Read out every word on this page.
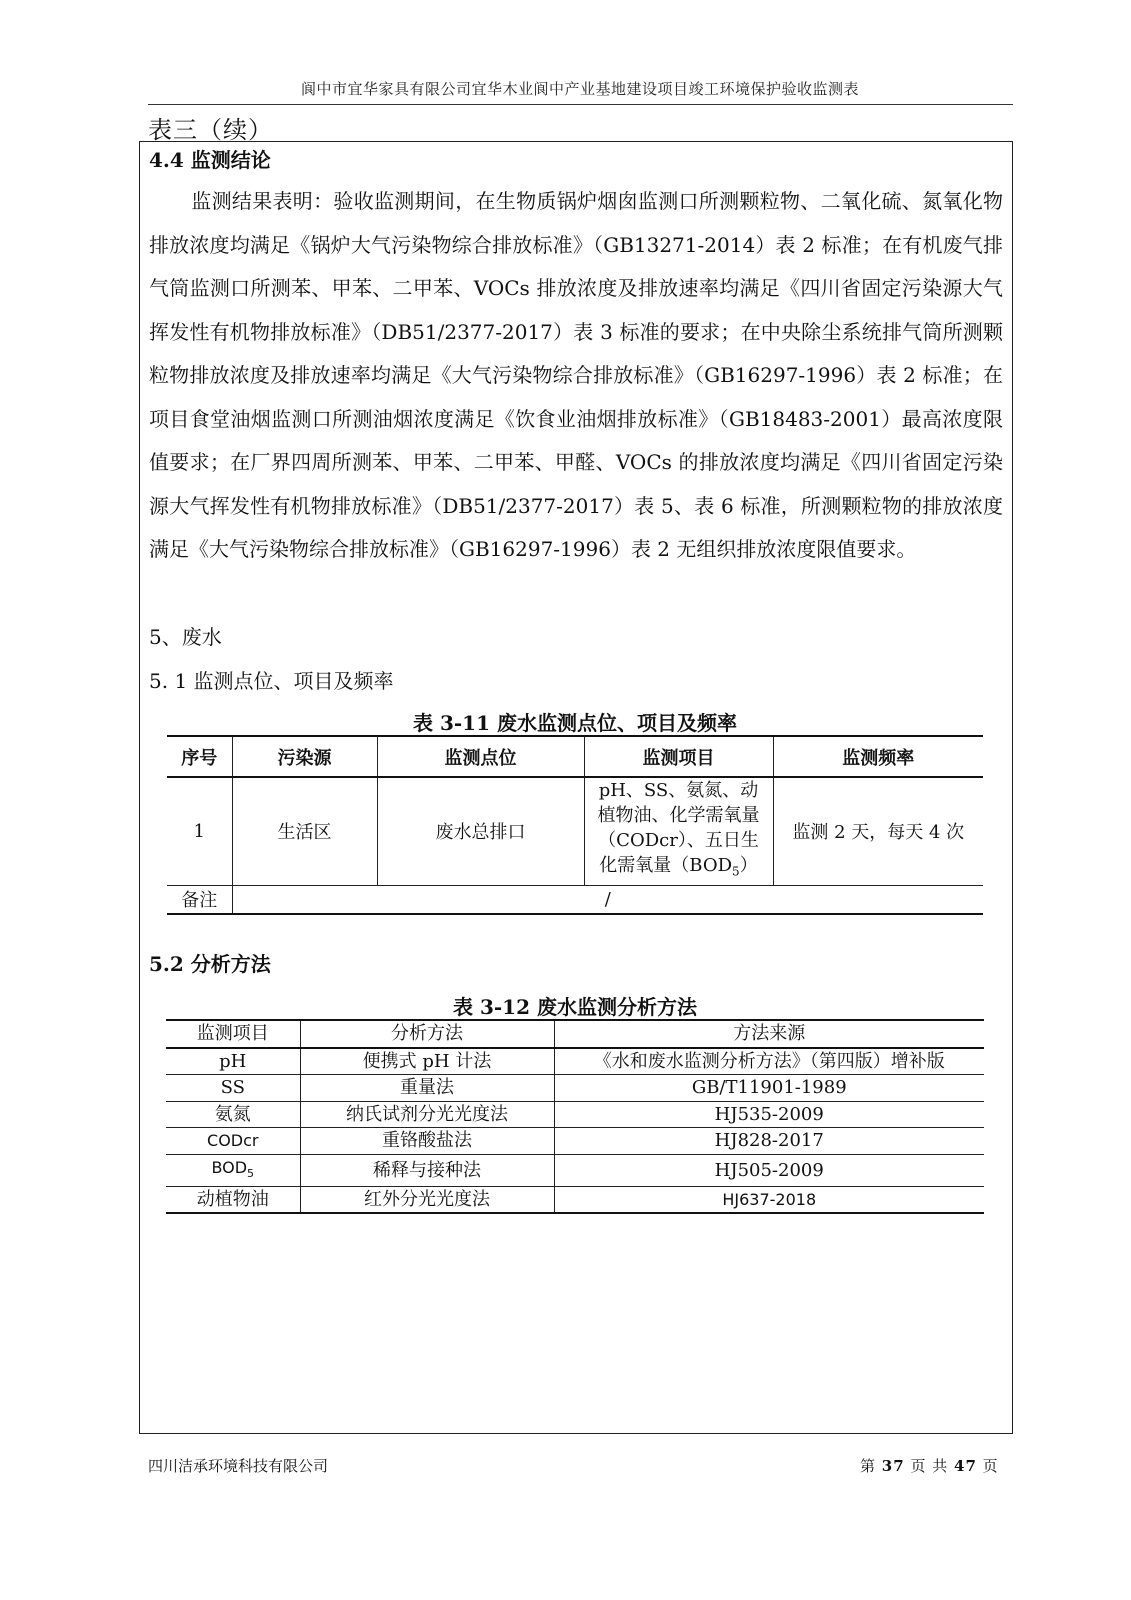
阆中市宜华家具有限公司宜华木业阆中产业基地建设项目竣工环境保护验收监测表
表三（续）
4.4 监测结论
监测结果表明：验收监测期间，在生物质锅炉烟囱监测口所测颗粒物、二氧化硫、氮氧化物排放浓度均满足《锅炉大气污染物综合排放标准》（GB13271-2014）表 2 标准；在有机废气排气筒监测口所测苯、甲苯、二甲苯、VOCs 排放浓度及排放速率均满足《四川省固定污染源大气挥发性有机物排放标准》（DB51/2377-2017）表 3 标准的要求；在中央除尘系统排气筒所测颗粒物排放浓度及排放速率均满足《大气污染物综合排放标准》（GB16297-1996）表 2 标准；在项目食堂油烟监测口所测油烟浓度满足《饮食业油烟排放标准》（GB18483-2001）最高浓度限值要求；在厂界四周所测苯、甲苯、二甲苯、甲醛、VOCs 的排放浓度均满足《四川省固定污染源大气挥发性有机物排放标准》（DB51/2377-2017）表 5、表 6 标准，所测颗粒物的排放浓度满足《大气污染物综合排放标准》（GB16297-1996）表 2 无组织排放浓度限值要求。
5、废水
5. 1 监测点位、项目及频率
表 3-11 废水监测点位、项目及频率
序号	污染源	监测点位	监测项目	监测频率
1	生活区	废水总排口	pH、SS、氨氮、动
植物油、化学需氧量
（CODcr）、五日生
化需氧量$(BOD_5)$	监测 2 天，每天 4 次
备注	/			
5.2 分析方法
表 3-12 废水监测分析方法
监测项目	分析方法	方法来源
pH	便携式 pH 计法	《水和废水监测分析方法》（第四版）增补版
SS	重量法	GB/T11901-1989
氨氮	纳氏试剂分光光度法	HJ535-2009
CODcr	重铬酸盐法	HJ828-2017
$BOD_5$	稀释与接种法	HJ505-2009
动植物油	红外分光光度法	HJ637-2018
四川洁承环境科技有限公司	第 37 页 共 47 页
